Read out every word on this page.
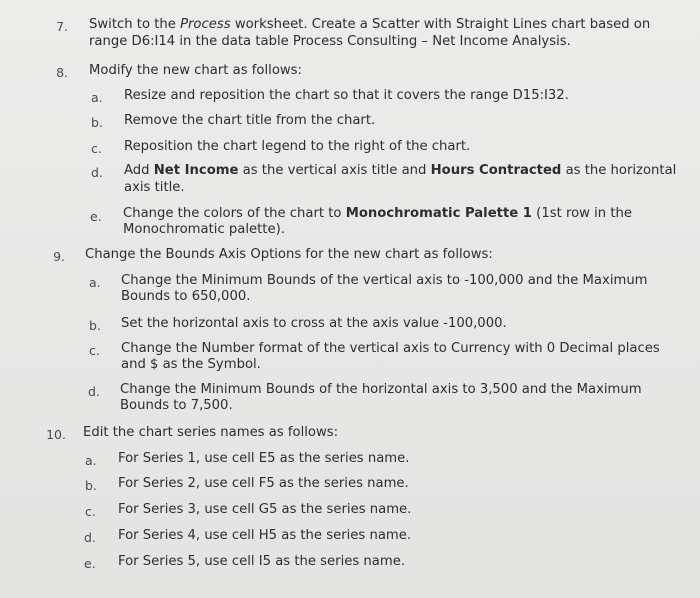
7. Switch to the Process worksheet. Create a Scatter with Straight Lines chart based on
range D6:I14 in the data table Process Consulting – Net Income Analysis.
8. Modify the new chart as follows:
a.	Resize and reposition the chart so that it covers the range D15:I32.
b.	Remove the chart title from the chart.
c.	Reposition the chart legend to the right of the chart.
d.	Add Net Income as the vertical axis title and Hours Contracted as the horizontal
axis title.
e.	Change the colors of the chart to Monochromatic Palette 1 (1st row in the
Monochromatic palette).
9. Change the Bounds Axis Options for the new chart as follows:
a.	Change the Minimum Bounds of the vertical axis to -100,000 and the Maximum
Bounds to 650,000.
b.	Set the horizontal axis to cross at the axis value -100,000.
c.	Change the Number format of the vertical axis to Currency with 0 Decimal places
and $ as the Symbol.
d.	Change the Minimum Bounds of the horizontal axis to 3,500 and the Maximum
Bounds to 7,500.
10. Edit the chart series names as follows:
a.	For Series 1, use cell E5 as the series name.
b.	For Series 2, use cell F5 as the series name.
c.	For Series 3, use cell G5 as the series name.
d.	For Series 4, use cell H5 as the series name.
e.	For Series 5, use cell I5 as the series name.
